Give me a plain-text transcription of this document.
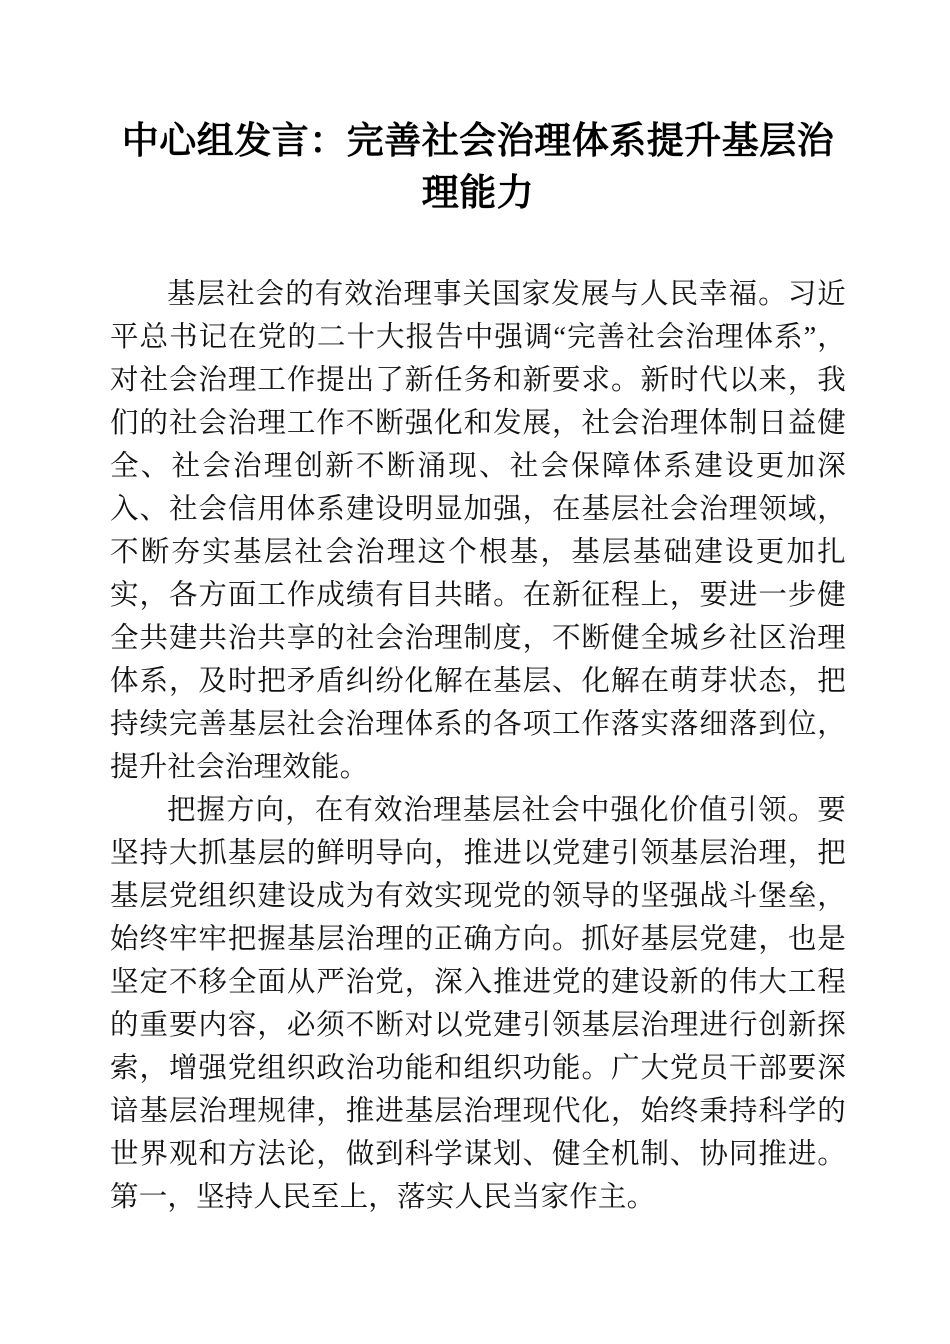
中心组发言：完善社会治理体系提升基层治理能力

基层社会的有效治理事关国家发展与人民幸福。习近平总书记在党的二十大报告中强调“完善社会治理体系”，对社会治理工作提出了新任务和新要求。新时代以来，我们的社会治理工作不断强化和发展，社会治理体制日益健全、社会治理创新不断涌现、社会保障体系建设更加深入、社会信用体系建设明显加强，在基层社会治理领域，不断夯实基层社会治理这个根基，基层基础建设更加扎实，各方面工作成绩有目共睹。在新征程上，要进一步健全共建共治共享的社会治理制度，不断健全城乡社区治理体系，及时把矛盾纠纷化解在基层、化解在萌芽状态，把持续完善基层社会治理体系的各项工作落实落细落到位，提升社会治理效能。

把握方向，在有效治理基层社会中强化价值引领。要坚持大抓基层的鲜明导向，推进以党建引领基层治理，把基层党组织建设成为有效实现党的领导的坚强战斗堡垒，始终牢牢把握基层治理的正确方向。抓好基层党建，也是坚定不移全面从严治党，深入推进党的建设新的伟大工程的重要内容，必须不断对以党建引领基层治理进行创新探索，增强党组织政治功能和组织功能。广大党员干部要深谙基层治理规律，推进基层治理现代化，始终秉持科学的世界观和方法论，做到科学谋划、健全机制、协同推进。第一，坚持人民至上，落实人民当家作主。
